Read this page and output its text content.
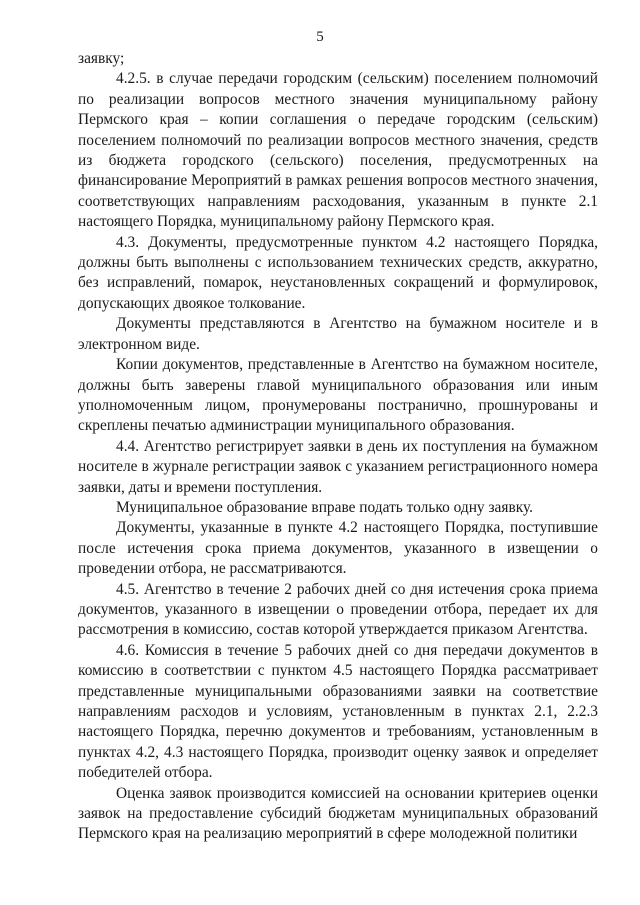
5

заявку;

4.2.5. в случае передачи городским (сельским) поселением полномочий по реализации вопросов местного значения муниципальному району Пермского края – копии соглашения о передаче городским (сельским) поселением полномочий по реализации вопросов местного значения, средств из бюджета городского (сельского) поселения, предусмотренных на финансирование Мероприятий в рамках решения вопросов местного значения, соответствующих направлениям расходования, указанным в пункте 2.1 настоящего Порядка, муниципальному району Пермского края.

4.3. Документы, предусмотренные пунктом 4.2 настоящего Порядка, должны быть выполнены с использованием технических средств, аккуратно, без исправлений, помарок, неустановленных сокращений и формулировок, допускающих двоякое толкование.

Документы представляются в Агентство на бумажном носителе и в электронном виде.

Копии документов, представленные в Агентство на бумажном носителе, должны быть заверены главой муниципального образования или иным уполномоченным лицом, пронумерованы постранично, прошнурованы и скреплены печатью администрации муниципального образования.

4.4. Агентство регистрирует заявки в день их поступления на бумажном носителе в журнале регистрации заявок с указанием регистрационного номера заявки, даты и времени поступления.

Муниципальное образование вправе подать только одну заявку.

Документы, указанные в пункте 4.2 настоящего Порядка, поступившие после истечения срока приема документов, указанного в извещении о проведении отбора, не рассматриваются.

4.5. Агентство в течение 2 рабочих дней со дня истечения срока приема документов, указанного в извещении о проведении отбора, передает их для рассмотрения в комиссию, состав которой утверждается приказом Агентства.

4.6. Комиссия в течение 5 рабочих дней со дня передачи документов в комиссию в соответствии с пунктом 4.5 настоящего Порядка рассматривает представленные муниципальными образованиями заявки на соответствие направлениям расходов и условиям, установленным в пунктах 2.1, 2.2.3 настоящего Порядка, перечню документов и требованиям, установленным в пунктах 4.2, 4.3 настоящего Порядка, производит оценку заявок и определяет победителей отбора.

Оценка заявок производится комиссией на основании критериев оценки заявок на предоставление субсидий бюджетам муниципальных образований Пермского края на реализацию мероприятий в сфере молодежной политики
